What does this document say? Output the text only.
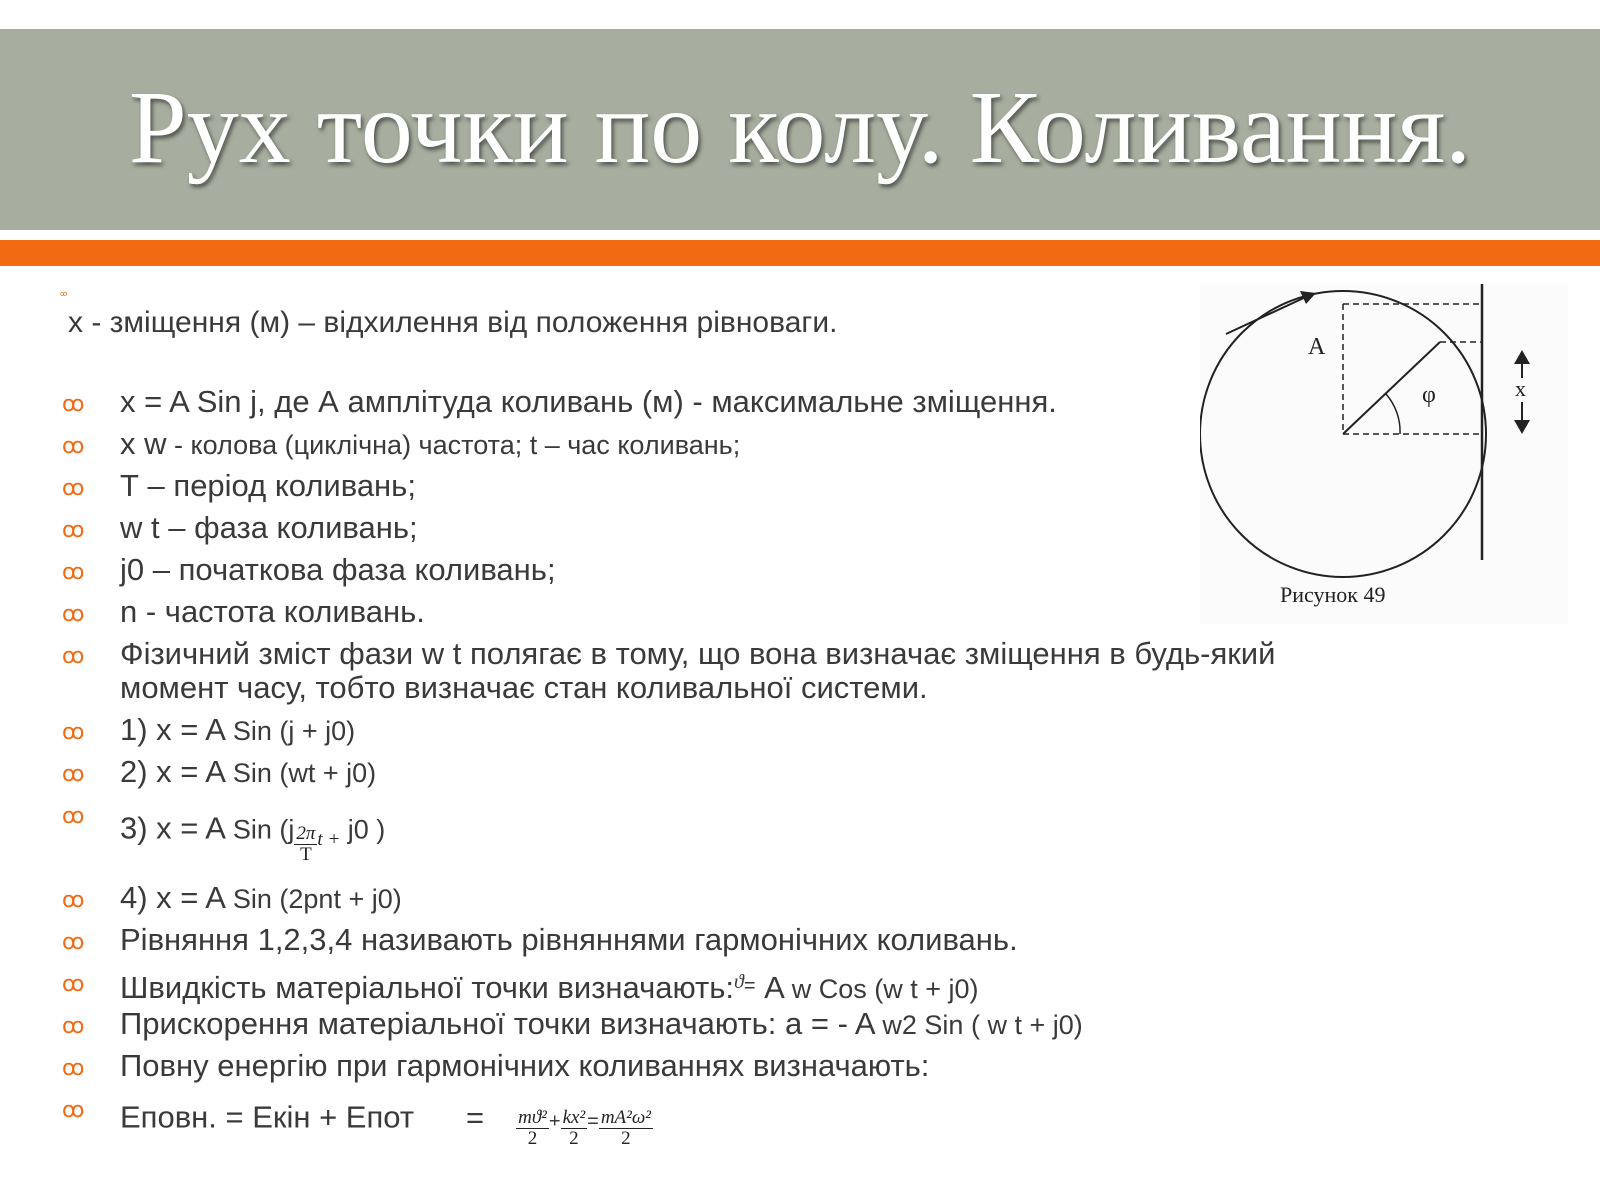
Рух точки по колу. Коливання.
ꝏ
x - зміщення (м) – відхилення від положення рівноваги.
ꝏ x = A Sin j, де А амплітуда коливань (м) - максимальне зміщення.
ꝏ x w - колова (циклічна) частота; t – час коливань;
ꝏ Т – період коливань;
ꝏ w t – фаза коливань;
ꝏ j0 – початкова фаза коливань;
ꝏ n - частота коливань.
ꝏ Фізичний зміст фази w t полягає в тому, що вона визначає зміщення в будь-який
момент часу, тобто визначає стан коливальної системи.
ꝏ 1) x = A Sin (j + j0)
ꝏ 2) x = A Sin (wt + j0)
ꝏ 3) x = A Sin ($j \frac{2\pi}{T}$ t + j0 )
ꝏ 4) x = A Sin (2pnt + j0)
ꝏ Рівняння 1,2,3,4 називають рівняннями гармонічних коливань.
ꝏ Швидкість матеріальної точки визначають:$^ϑ$= A w Cos (w t + j0)
ꝏ Прискорення матеріальної точки визначають: a = - A w2 Sin ( w t + j0)
ꝏ Повну енергію при гармонічних коливаннях визначають:
ꝏ Еповн. = Екін + Епот = $\frac{\text{mϑ²}}{2} + \frac{\text{kx²}}{2} = \frac{\text{mA²ω²}}{2}$
A
φ	x
Рисунок 49
